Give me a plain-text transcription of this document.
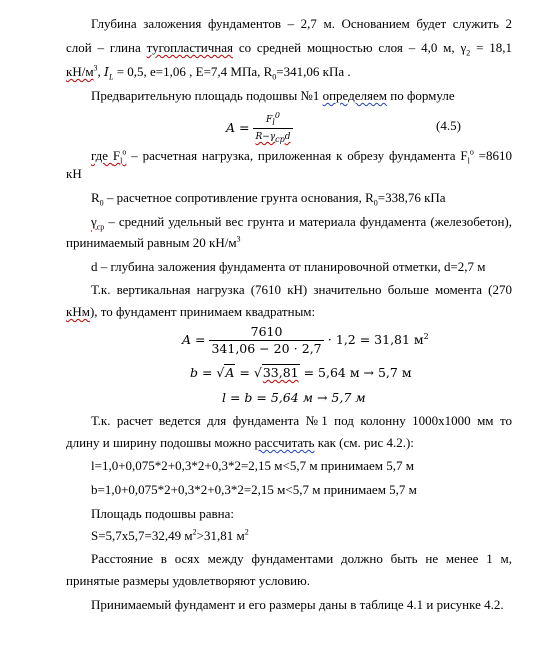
Глубина заложения фундаментов – 2,7 м. Основанием будет служить 2
слой – глина тугопластичная со средней мощностью слоя – 4,0 м, $\gamma_2 = 18,1$
$кН/м^3$, $I_L = 0,5$, е=1,06 , Е=7,4 МПа, $R_0=341,06$ кПа .
Предварительную площадь подошвы №1 определяем по формуле
$A = \frac{F_l^0}{R-\gamma_{ср}d}$	(4.5)
где $F_l^o$ – расчетная нагрузка, приложенная к обрезу фундамента $F_l^o =8610$
кН
$R_0$ – расчетное сопротивление грунта основания, $R_0=338,76$ кПа
$\gamma_{ср}$ – средний удельный вес грунта и материала фундамента (железобетон),
принимаемый равным 20 $кН/м^3$
d – глубина заложения фундамента от планировочной отметки, d=2,7 м
Т.к. вертикальная нагрузка (7610 кН) значительно больше момента (270
кНм), то фундамент принимаем квадратным:
$A = \frac{7610}{341,06 - 20 \cdot 2,7} \cdot 1,2 = 31,81$ $м^2$
b = √A = √33,81 = 5,64 м → 5,7 м
l = b = 5,64 м → 5,7 м
Т.к. расчет ведется для фундамента №1 под колонну 1000х1000 мм то
длину и ширину подошвы можно рассчитать как (см. рис 4.2.):
l=1,0+0,075*2+0,3*2+0,3*2=2,15 м<5,7 м принимаем 5,7 м
b=1,0+0,075*2+0,3*2+0,3*2=2,15 м<5,7 м принимаем 5,7 м
Площадь подошвы равна:
S=5,7х5,7=32,49 $м^2>31,81$ $м^2$
Расстояние в осях между фундаментами должно быть не менее 1 м,
принятые размеры удовлетворяют условию.
Принимаемый фундамент и его размеры даны в таблице 4.1 и рисунке 4.2.
